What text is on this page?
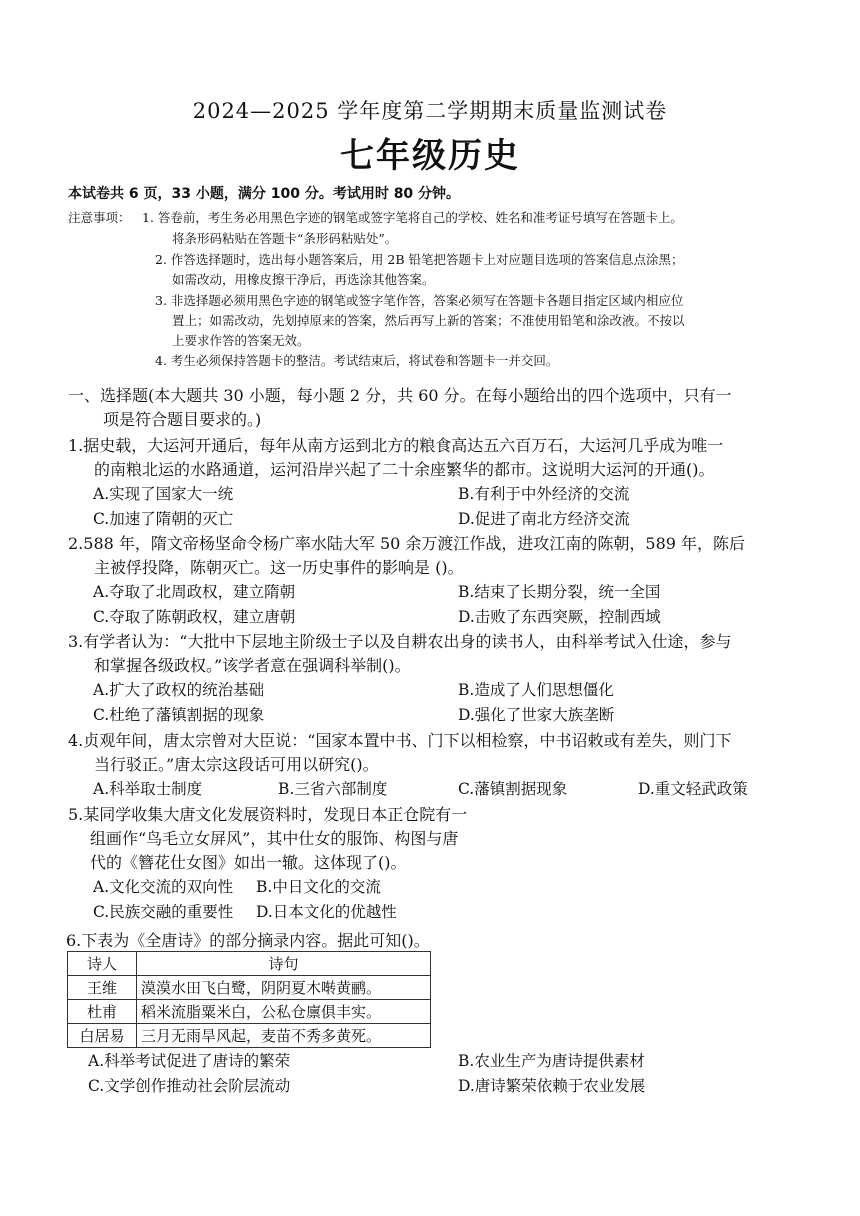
2024—2025 学年度第二学期期末质量监测试卷
七年级历史
本试卷共 6 页，33 小题，满分 100 分。考试用时 80 分钟。
注意事项： 1. 答卷前，考生务必用黑色字迹的钢笔或签字笔将自己的学校、姓名和准考证号填写在答题卡上。
将条形码粘贴在答题卡“条形码粘贴处”。
2. 作答选择题时，选出每小题答案后，用 2B 铅笔把答题卡上对应题目选项的答案信息点涂黑；
如需改动，用橡皮擦干净后，再选涂其他答案。
3. 非选择题必须用黑色字迹的钢笔或签字笔作答，答案必须写在答题卡各题目指定区域内相应位
置上；如需改动，先划掉原来的答案，然后再写上新的答案；不准使用铅笔和涂改液。不按以
上要求作答的答案无效。
4. 考生必须保持答题卡的整洁。考试结束后，将试卷和答题卡一并交回。
一、选择题(本大题共 30 小题，每小题 2 分，共 60 分。在每小题给出的四个选项中，只有一
项是符合题目要求的。)
1.据史载，大运河开通后，每年从南方运到北方的粮食高达五六百万石，大运河几乎成为唯一
的南粮北运的水路通道，运河沿岸兴起了二十余座繁华的都市。这说明大运河的开通()。
A.实现了国家大一统	B.有利于中外经济的交流
C.加速了隋朝的灭亡	D.促进了南北方经济交流
2.588 年，隋文帝杨坚命令杨广率水陆大军 50 余万渡江作战，进攻江南的陈朝，589 年，陈后
主被俘投降，陈朝灭亡。这一历史事件的影响是 ()。
A.夺取了北周政权，建立隋朝	B.结束了长期分裂，统一全国
C.夺取了陈朝政权，建立唐朝	D.击败了东西突厥，控制西域
3.有学者认为：“大批中下层地主阶级士子以及自耕农出身的读书人，由科举考试入仕途，参与
和掌握各级政权。”该学者意在强调科举制()。
A.扩大了政权的统治基础	B.造成了人们思想僵化
C.杜绝了藩镇割据的现象	D.强化了世家大族垄断
4.贞观年间，唐太宗曾对大臣说：“国家本置中书、门下以相检察，中书诏敕或有差失，则门下
当行驳正。”唐太宗这段话可用以研究()。
A.科举取士制度	B.三省六部制度	C.藩镇割据现象	D.重文轻武政策
5.某同学收集大唐文化发展资料时，发现日本正仓院有一
组画作“鸟毛立女屏风”，其中仕女的服饰、构图与唐
代的《簪花仕女图》如出一辙。这体现了()。
A.文化交流的双向性 B.中日文化的交流
C.民族交融的重要性 D.日本文化的优越性
6.下表为《全唐诗》的部分摘录内容。据此可知()。
诗人	诗句
王维	漠漠水田飞白鹭，阴阴夏木啭黄鹂。
杜甫	稻米流脂粟米白，公私仓廪俱丰实。
白居易	三月无雨旱风起，麦苗不秀多黄死。
A.科举考试促进了唐诗的繁荣	B.农业生产为唐诗提供素材
C.文学创作推动社会阶层流动	D.唐诗繁荣依赖于农业发展
